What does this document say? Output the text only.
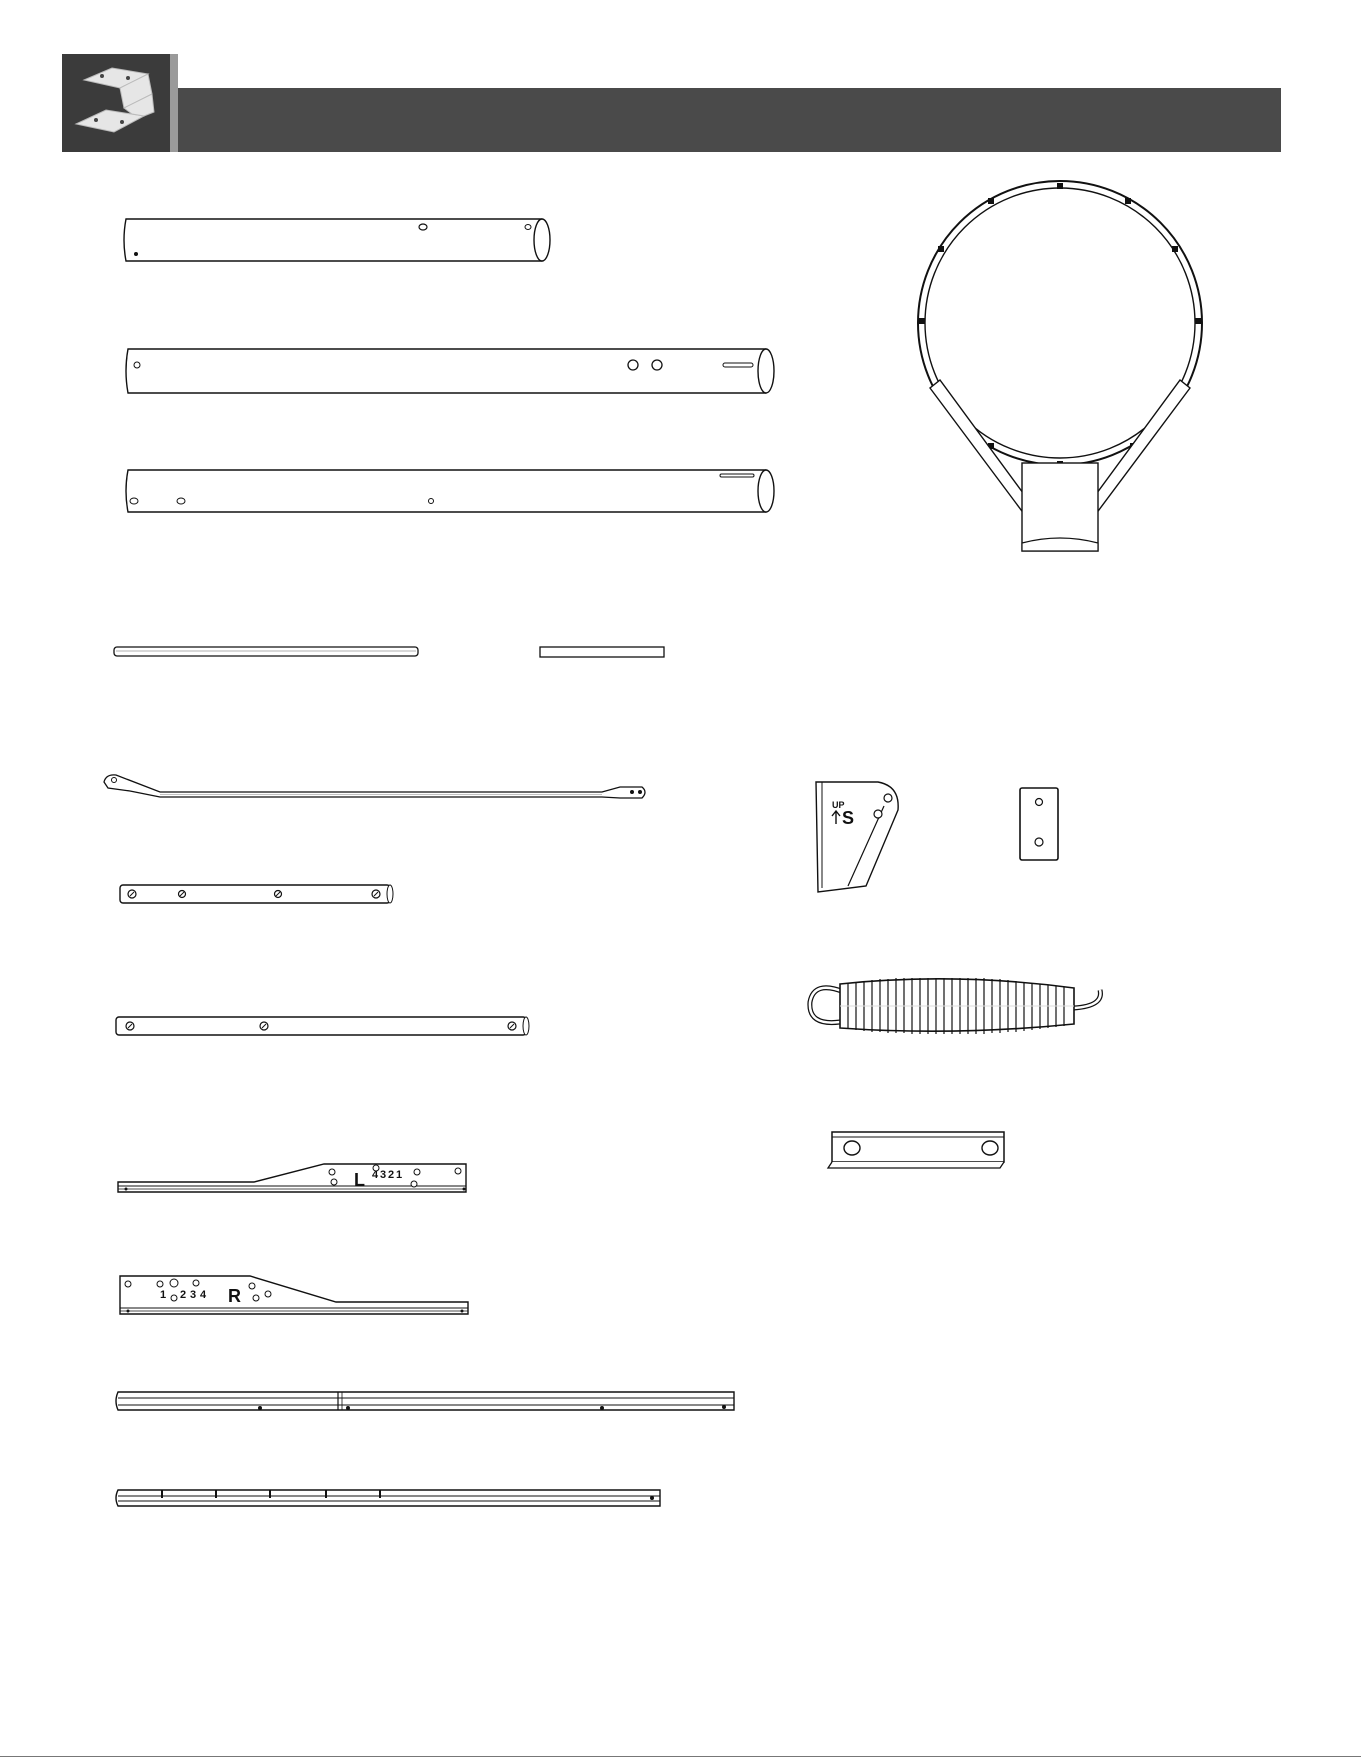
L 4 3 2 1
1 2 3 4 R
UP
S
